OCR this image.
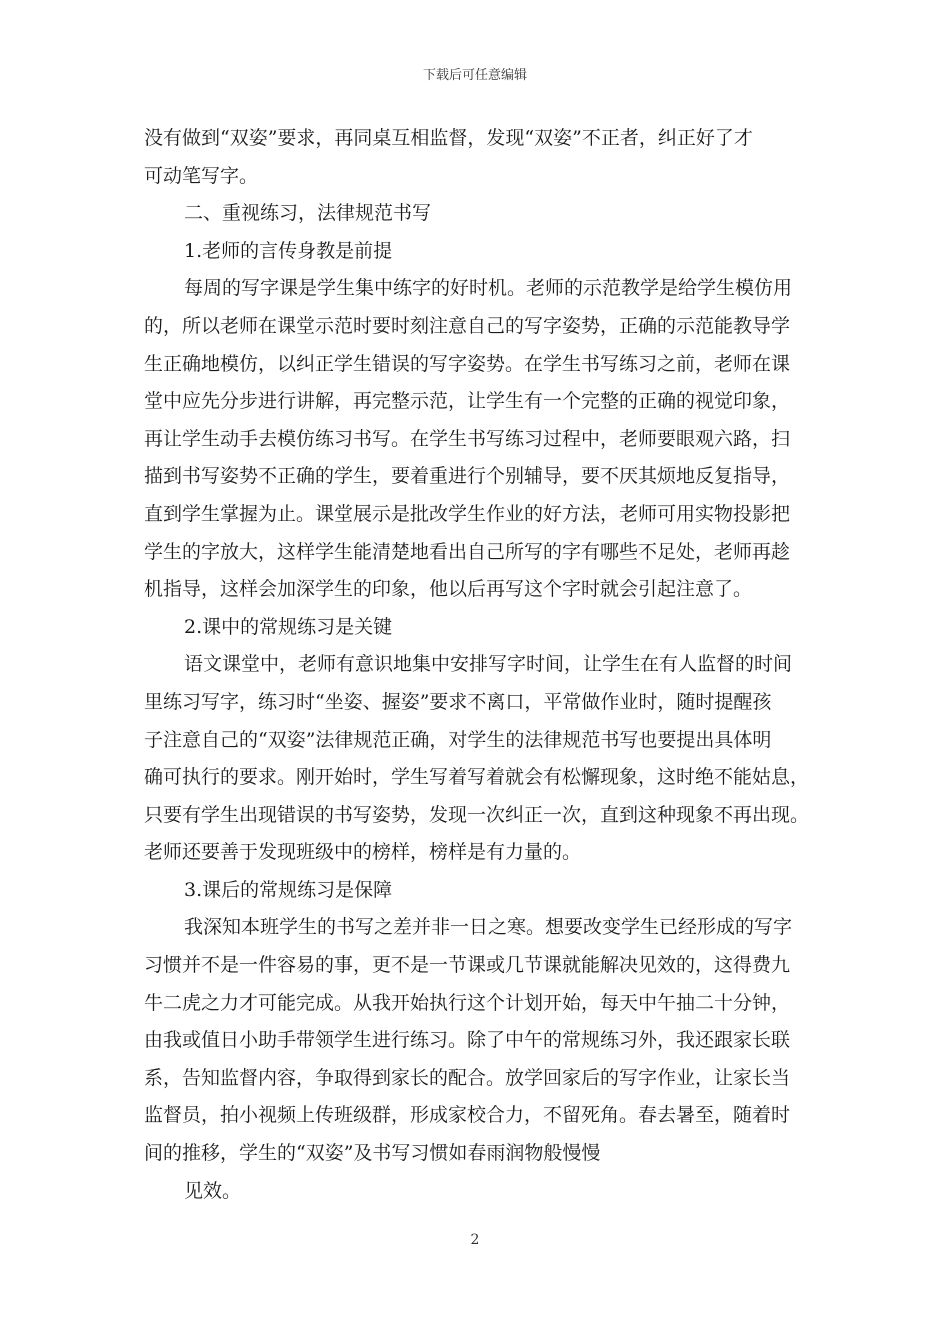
下载后可任意编辑
没有做到“双姿”要求，再同桌互相监督，发现“双姿”不正者，纠正好了才
可动笔写字。
二、重视练习，法律规范书写
1.老师的言传身教是前提
每周的写字课是学生集中练字的好时机。老师的示范教学是给学生模仿用
的，所以老师在课堂示范时要时刻注意自己的写字姿势，正确的示范能教导学
生正确地模仿，以纠正学生错误的写字姿势。在学生书写练习之前，老师在课
堂中应先分步进行讲解，再完整示范，让学生有一个完整的正确的视觉印象，
再让学生动手去模仿练习书写。在学生书写练习过程中，老师要眼观六路，扫
描到书写姿势不正确的学生，要着重进行个别辅导，要不厌其烦地反复指导，
直到学生掌握为止。课堂展示是批改学生作业的好方法，老师可用实物投影把
学生的字放大，这样学生能清楚地看出自己所写的字有哪些不足处，老师再趁
机指导，这样会加深学生的印象，他以后再写这个字时就会引起注意了。
2.课中的常规练习是关键
语文课堂中，老师有意识地集中安排写字时间，让学生在有人监督的时间
里练习写字，练习时“坐姿、握姿”要求不离口，平常做作业时，随时提醒孩
子注意自己的“双姿”法律规范正确，对学生的法律规范书写也要提出具体明
确可执行的要求。刚开始时，学生写着写着就会有松懈现象，这时绝不能姑息，
只要有学生出现错误的书写姿势，发现一次纠正一次，直到这种现象不再出现。
老师还要善于发现班级中的榜样，榜样是有力量的。
3.课后的常规练习是保障
我深知本班学生的书写之差并非一日之寒。想要改变学生已经形成的写字
习惯并不是一件容易的事，更不是一节课或几节课就能解决见效的，这得费九
牛二虎之力才可能完成。从我开始执行这个计划开始，每天中午抽二十分钟，
由我或值日小助手带领学生进行练习。除了中午的常规练习外，我还跟家长联
系，告知监督内容，争取得到家长的配合。放学回家后的写字作业，让家长当
监督员，拍小视频上传班级群，形成家校合力，不留死角。春去暑至，随着时
间的推移，学生的“双姿”及书写习惯如春雨润物般慢慢
见效。
2
